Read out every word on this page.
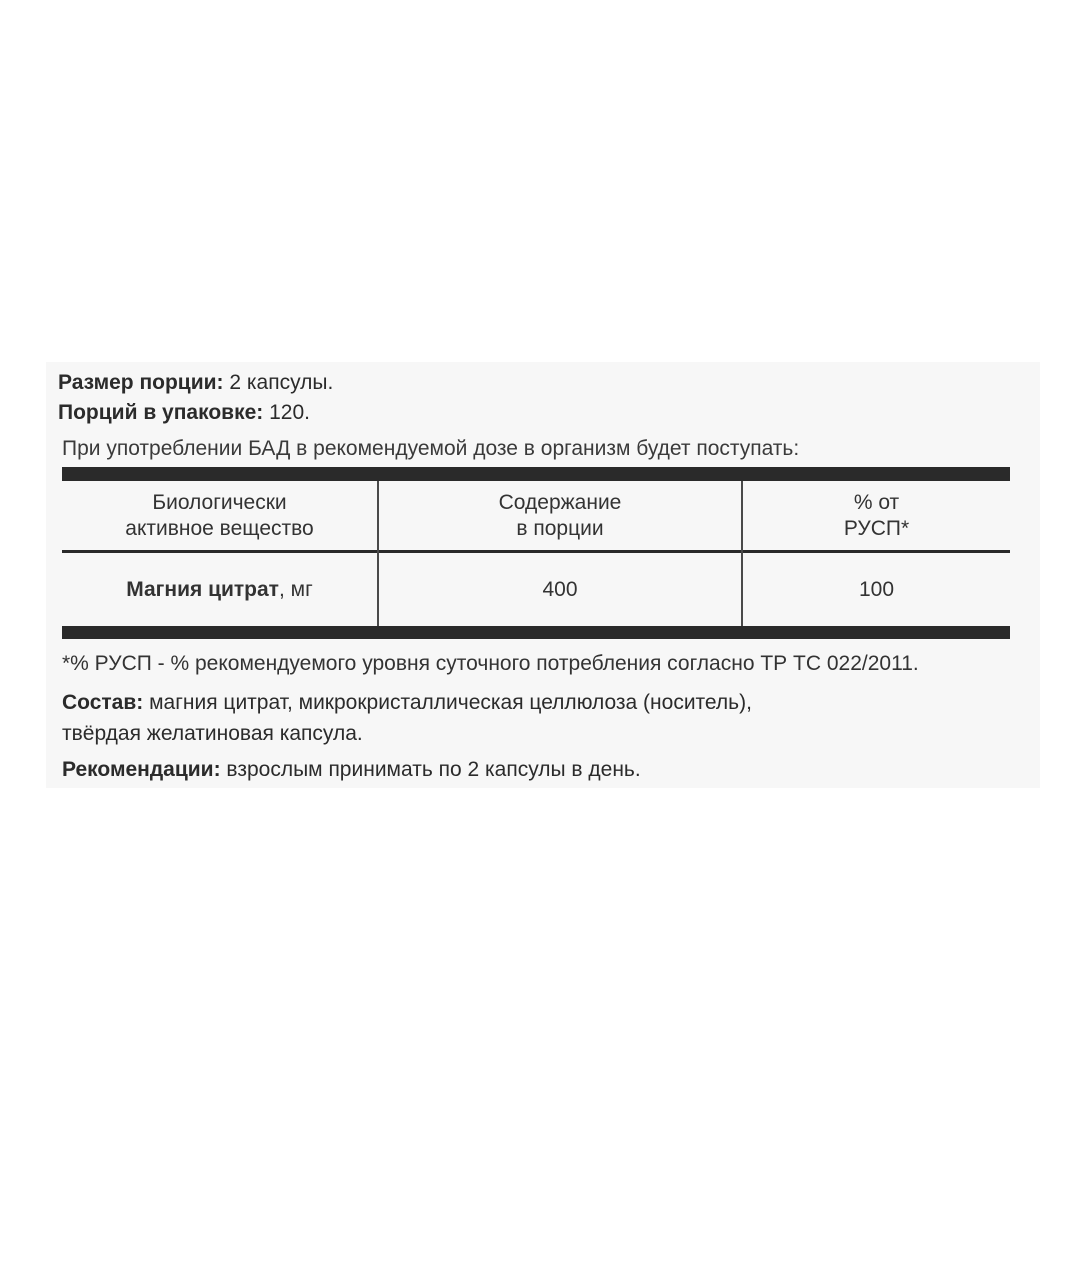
Размер порции: 2 капсулы.
Порций в упаковке: 120.
При употреблении БАД в рекомендуемой дозе в организм будет поступать:
Биологически
активное вещество
Содержание
в порции
% от
РУСП*
Магния цитрат, мг	400	100
*% РУСП - % рекомендуемого уровня суточного потребления согласно ТР ТС 022/2011.
Состав: магния цитрат, микрокристаллическая целлюлоза (носитель),
твёрдая желатиновая капсула.
Рекомендации: взрослым принимать по 2 капсулы в день.
